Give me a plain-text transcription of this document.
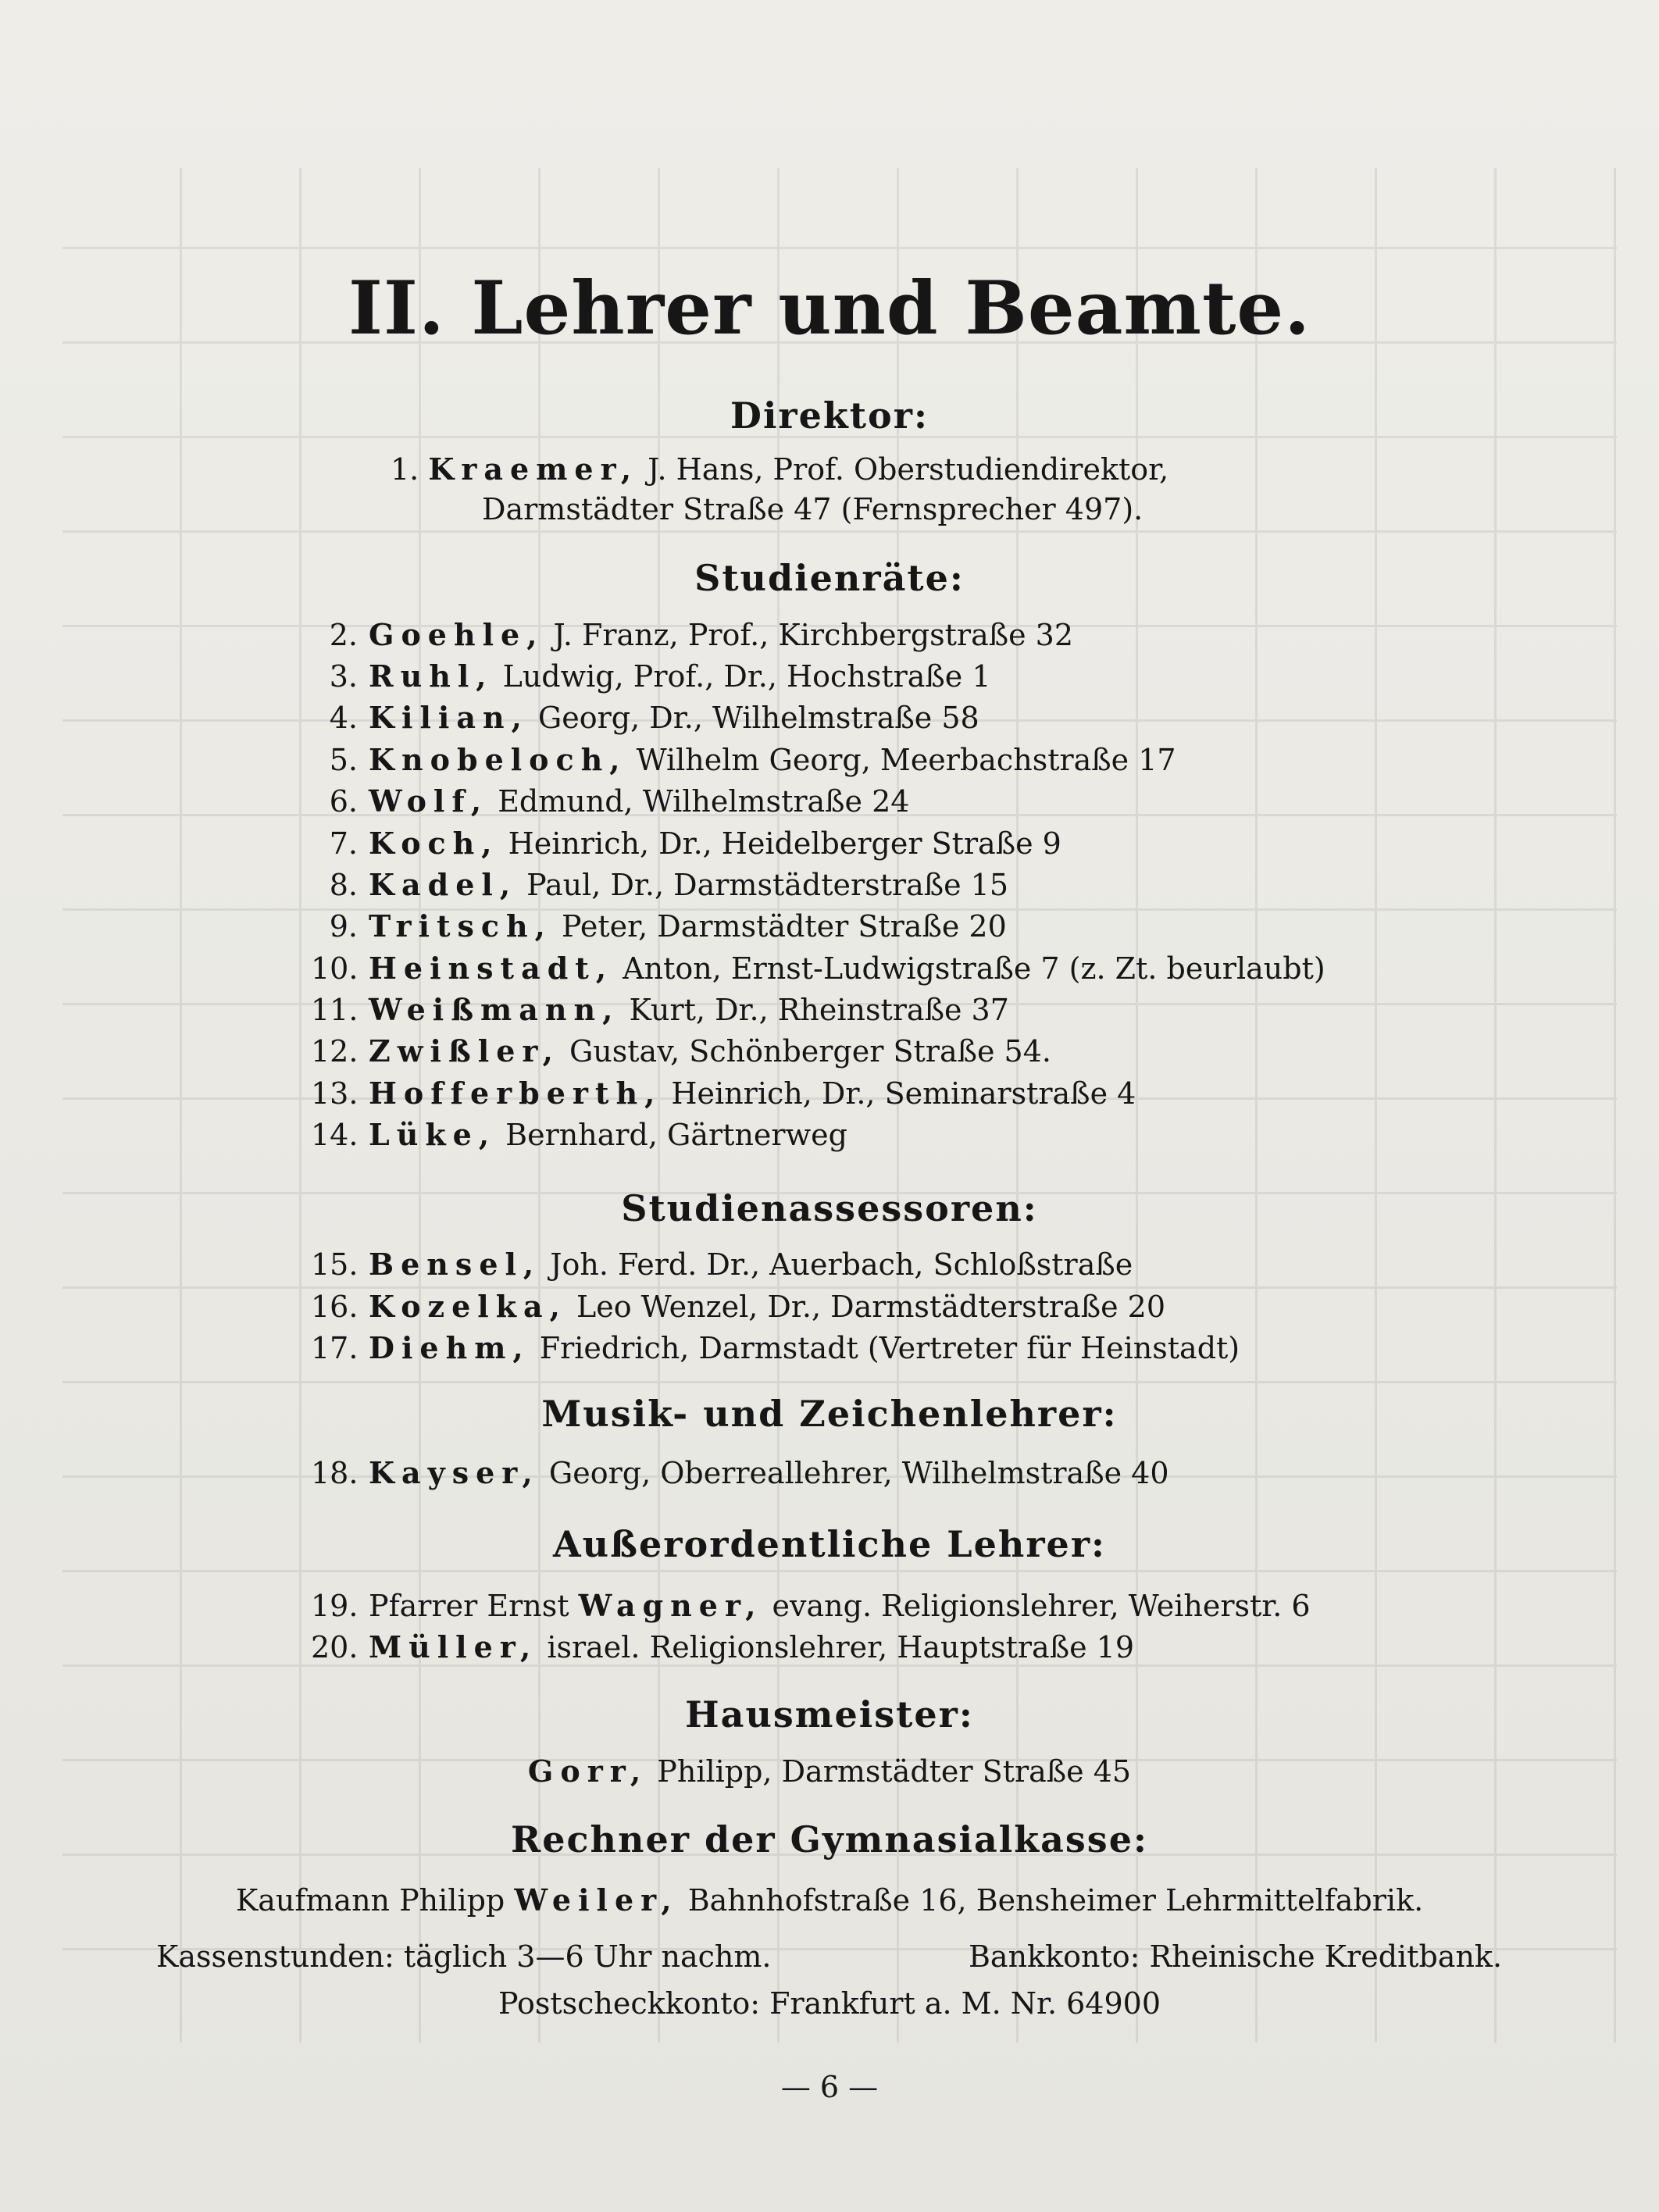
II. Lehrer und Beamte.
Direktor:
1. Kraemer, J. Hans, Prof. Oberstudiendirektor,
Darmstädter Straße 47 (Fernsprecher 497).
Studienräte:
2. Goehle, J. Franz, Prof., Kirchbergstraße 32
3. Ruhl, Ludwig, Prof., Dr., Hochstraße 1
4. Kilian, Georg, Dr., Wilhelmstraße 58
5. Knobeloch, Wilhelm Georg, Meerbachstraße 17
6. Wolf, Edmund, Wilhelmstraße 24
7. Koch, Heinrich, Dr., Heidelberger Straße 9
8. Kadel, Paul, Dr., Darmstädterstraße 15
9. Tritsch, Peter, Darmstädter Straße 20
10. Heinstadt, Anton, Ernst-Ludwigstraße 7 (z. Zt. beurlaubt)
11. Weißmann, Kurt, Dr., Rheinstraße 37
12. Zwißler, Gustav, Schönberger Straße 54.
13. Hofferberth, Heinrich, Dr., Seminarstraße 4
14. Lüke, Bernhard, Gärtnerweg
Studienassessoren:
15. Bensel, Joh. Ferd. Dr., Auerbach, Schloßstraße
16. Kozelka, Leo Wenzel, Dr., Darmstädterstraße 20
17. Diehm, Friedrich, Darmstadt (Vertreter für Heinstadt)
Musik- und Zeichenlehrer:
18. Kayser, Georg, Oberreallehrer, Wilhelmstraße 40
Außerordentliche Lehrer:
19. Pfarrer Ernst Wagner, evang. Religionslehrer, Weiherstr. 6
20. Müller, israel. Religionslehrer, Hauptstraße 19
Hausmeister:
Gorr, Philipp, Darmstädter Straße 45
Rechner der Gymnasialkasse:
Kaufmann Philipp Weiler, Bahnhofstraße 16, Bensheimer Lehrmittelfabrik.
Kassenstunden: täglich 3—6 Uhr nachm.	Bankkonto: Rheinische Kreditbank.
Postscheckkonto: Frankfurt a. M. Nr. 64900
— 6 —
